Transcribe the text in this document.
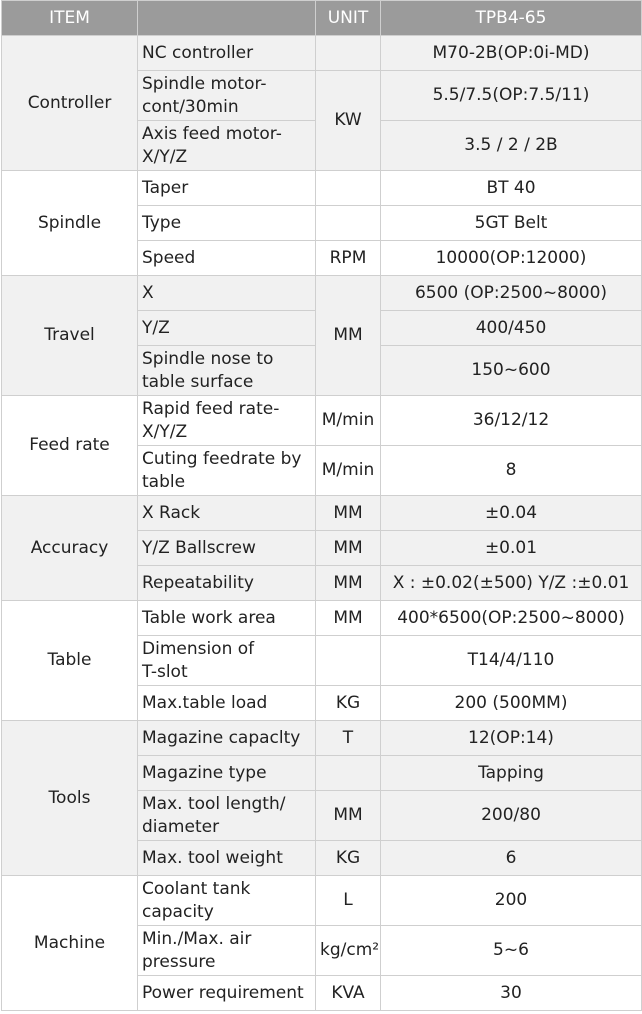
ITEM		UNIT	TPB4-65
Controller	NC controller		M70-2B(OP:0i-MD)

	Spindle motor-
cont/30min	KW	5.5/7.5(OP:7.5/11)

	Axis feed motor-
X/Y/Z		3.5 / 2 / 2B
Spindle	Taper		BT 40
	Type		5GT Belt
	Speed	RPM	10000(OP:12000)
Travel	X	MM	6500 (OP:2500~8000)
	Y/Z		400/450

	Spindle nose to
table surface		150~600
Feed rate	Rapid feed rate-
X/Y/Z	M/min	36/12/12

	Cuting feedrate by
table	M/min	8
Accuracy	X Rack	MM	±0.04
	Y/Z Ballscrew	MM	±0.01
	Repeatability	MM	X : ±0.02(±500) Y/Z :±0.01
Table	Table work area	MM	400*6500(OP:2500~8000)

	Dimension of
T-slot		T14/4/110
	Max.table load	KG	200 (500MM)
Tools	Magazine capaclty	T	12(OP:14)
	Magazine type		Tapping

	Max. tool length/
diameter	MM	200/80
	Max. tool weight	KG	6
Machine	Coolant tank
capacity	L	200

	Min./Max. air
pressure	kg/cm²	5~6
	Power requirement	KVA	30
